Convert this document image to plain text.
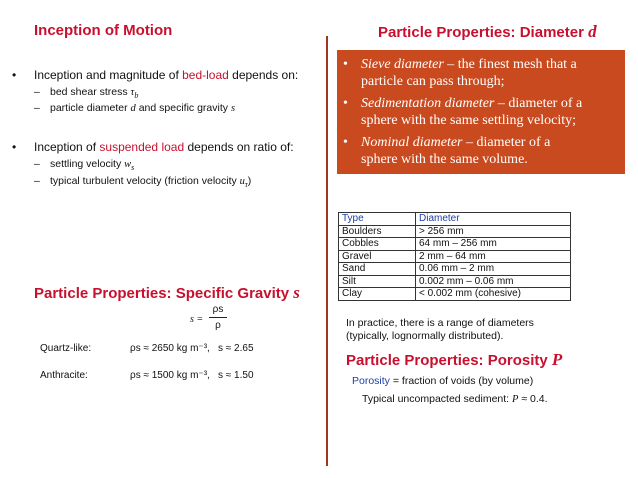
Inception of Motion
• Inception and magnitude of bed-load depends on:
– bed shear stress $\tau_b$
– particle diameter d and specific gravity s
• Inception of suspended load depends on ratio of:
– settling velocity $w_s$
– typical turbulent velocity (friction velocity $u_\tau$)
Particle Properties: Specific Gravity s
s =
ρs
ρ
Quartz-like:	ρs ≈ 2650 kg m⁻³, s ≈ 2.65
Anthracite:	ρs ≈ 1500 kg m⁻³, s ≈ 1.50
Particle Properties: Diameter d
• Sieve diameter – the finest mesh that a
particle can pass through;
• Sedimentation diameter – diameter of a
sphere with the same settling velocity;
• Nominal diameter – diameter of a
sphere with the same volume.
Type	Diameter
Boulders	> 256 mm
Cobbles	64 mm – 256 mm
Gravel	2 mm – 64 mm
Sand	0.06 mm – 2 mm
Silt	0.002 mm – 0.06 mm
Clay	< 0.002 mm (cohesive)
In practice, there is a range of diameters
(typically, lognormally distributed).
Particle Properties: Porosity P
Porosity = fraction of voids (by volume)
Typical uncompacted sediment: P ≈ 0.4.
